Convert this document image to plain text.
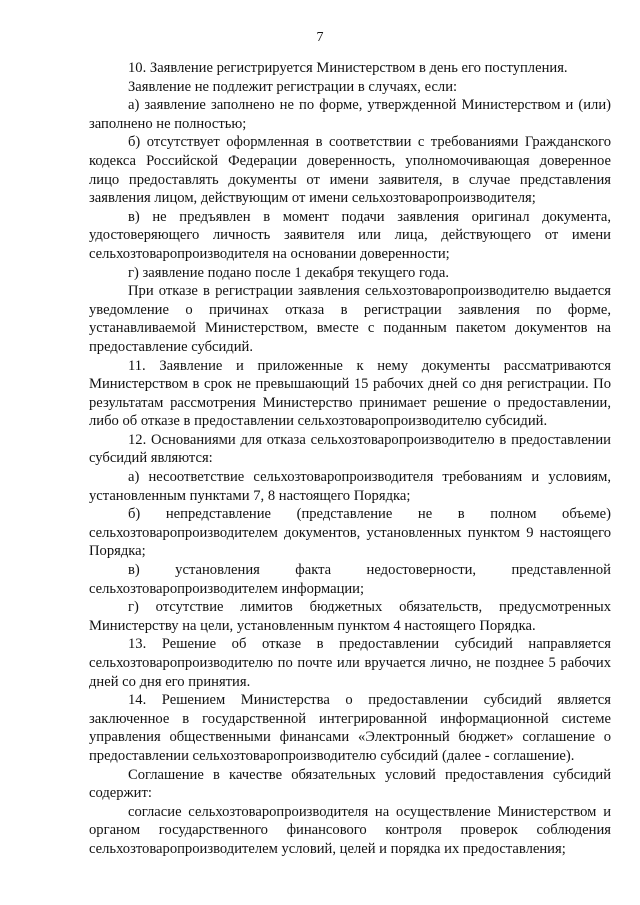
7

10. Заявление регистрируется Министерством в день его поступления.

Заявление не подлежит регистрации в случаях, если:

а) заявление заполнено не по форме, утвержденной Министерством и (или) заполнено не полностью;

б) отсутствует оформленная в соответствии с требованиями Гражданского кодекса Российской Федерации доверенность, уполномочивающая доверенное лицо предоставлять документы от имени заявителя, в случае представления заявления лицом, действующим от имени сельхозтоваропроизводителя;

в) не предъявлен в момент подачи заявления оригинал документа, удостоверяющего личность заявителя или лица, действующего от имени сельхозтоваропроизводителя на основании доверенности;

г) заявление подано после 1 декабря текущего года.

При отказе в регистрации заявления сельхозтоваропроизводителю выдается уведомление о причинах отказа в регистрации заявления по форме, устанавливаемой Министерством, вместе с поданным пакетом документов на предоставление субсидий.

11. Заявление и приложенные к нему документы рассматриваются Министерством в срок не превышающий 15 рабочих дней со дня регистрации. По результатам рассмотрения Министерство принимает решение о предоставлении, либо об отказе в предоставлении сельхозтоваропроизводителю субсидий.

12. Основаниями для отказа сельхозтоваропроизводителю в предоставлении субсидий являются:

а) несоответствие сельхозтоваропроизводителя требованиям и условиям, установленным пунктами 7, 8 настоящего Порядка;

б) непредставление (представление не в полном объеме) сельхозтоваропроизводителем документов, установленных пунктом 9 настоящего Порядка;

в) установления факта недостоверности, представленной сельхозтоваропроизводителем информации;

г) отсутствие лимитов бюджетных обязательств, предусмотренных Министерству на цели, установленным пунктом 4 настоящего Порядка.

13. Решение об отказе в предоставлении субсидий направляется сельхозтоваропроизводителю по почте или вручается лично, не позднее 5 рабочих дней со дня его принятия.

14. Решением Министерства о предоставлении субсидий является заключенное в государственной интегрированной информационной системе управления общественными финансами «Электронный бюджет» соглашение о предоставлении сельхозтоваропроизводителю субсидий (далее - соглашение).

Соглашение в качестве обязательных условий предоставления субсидий содержит:

согласие сельхозтоваропроизводителя на осуществление Министерством и органом государственного финансового контроля проверок соблюдения сельхозтоваропроизводителем условий, целей и порядка их предоставления;
